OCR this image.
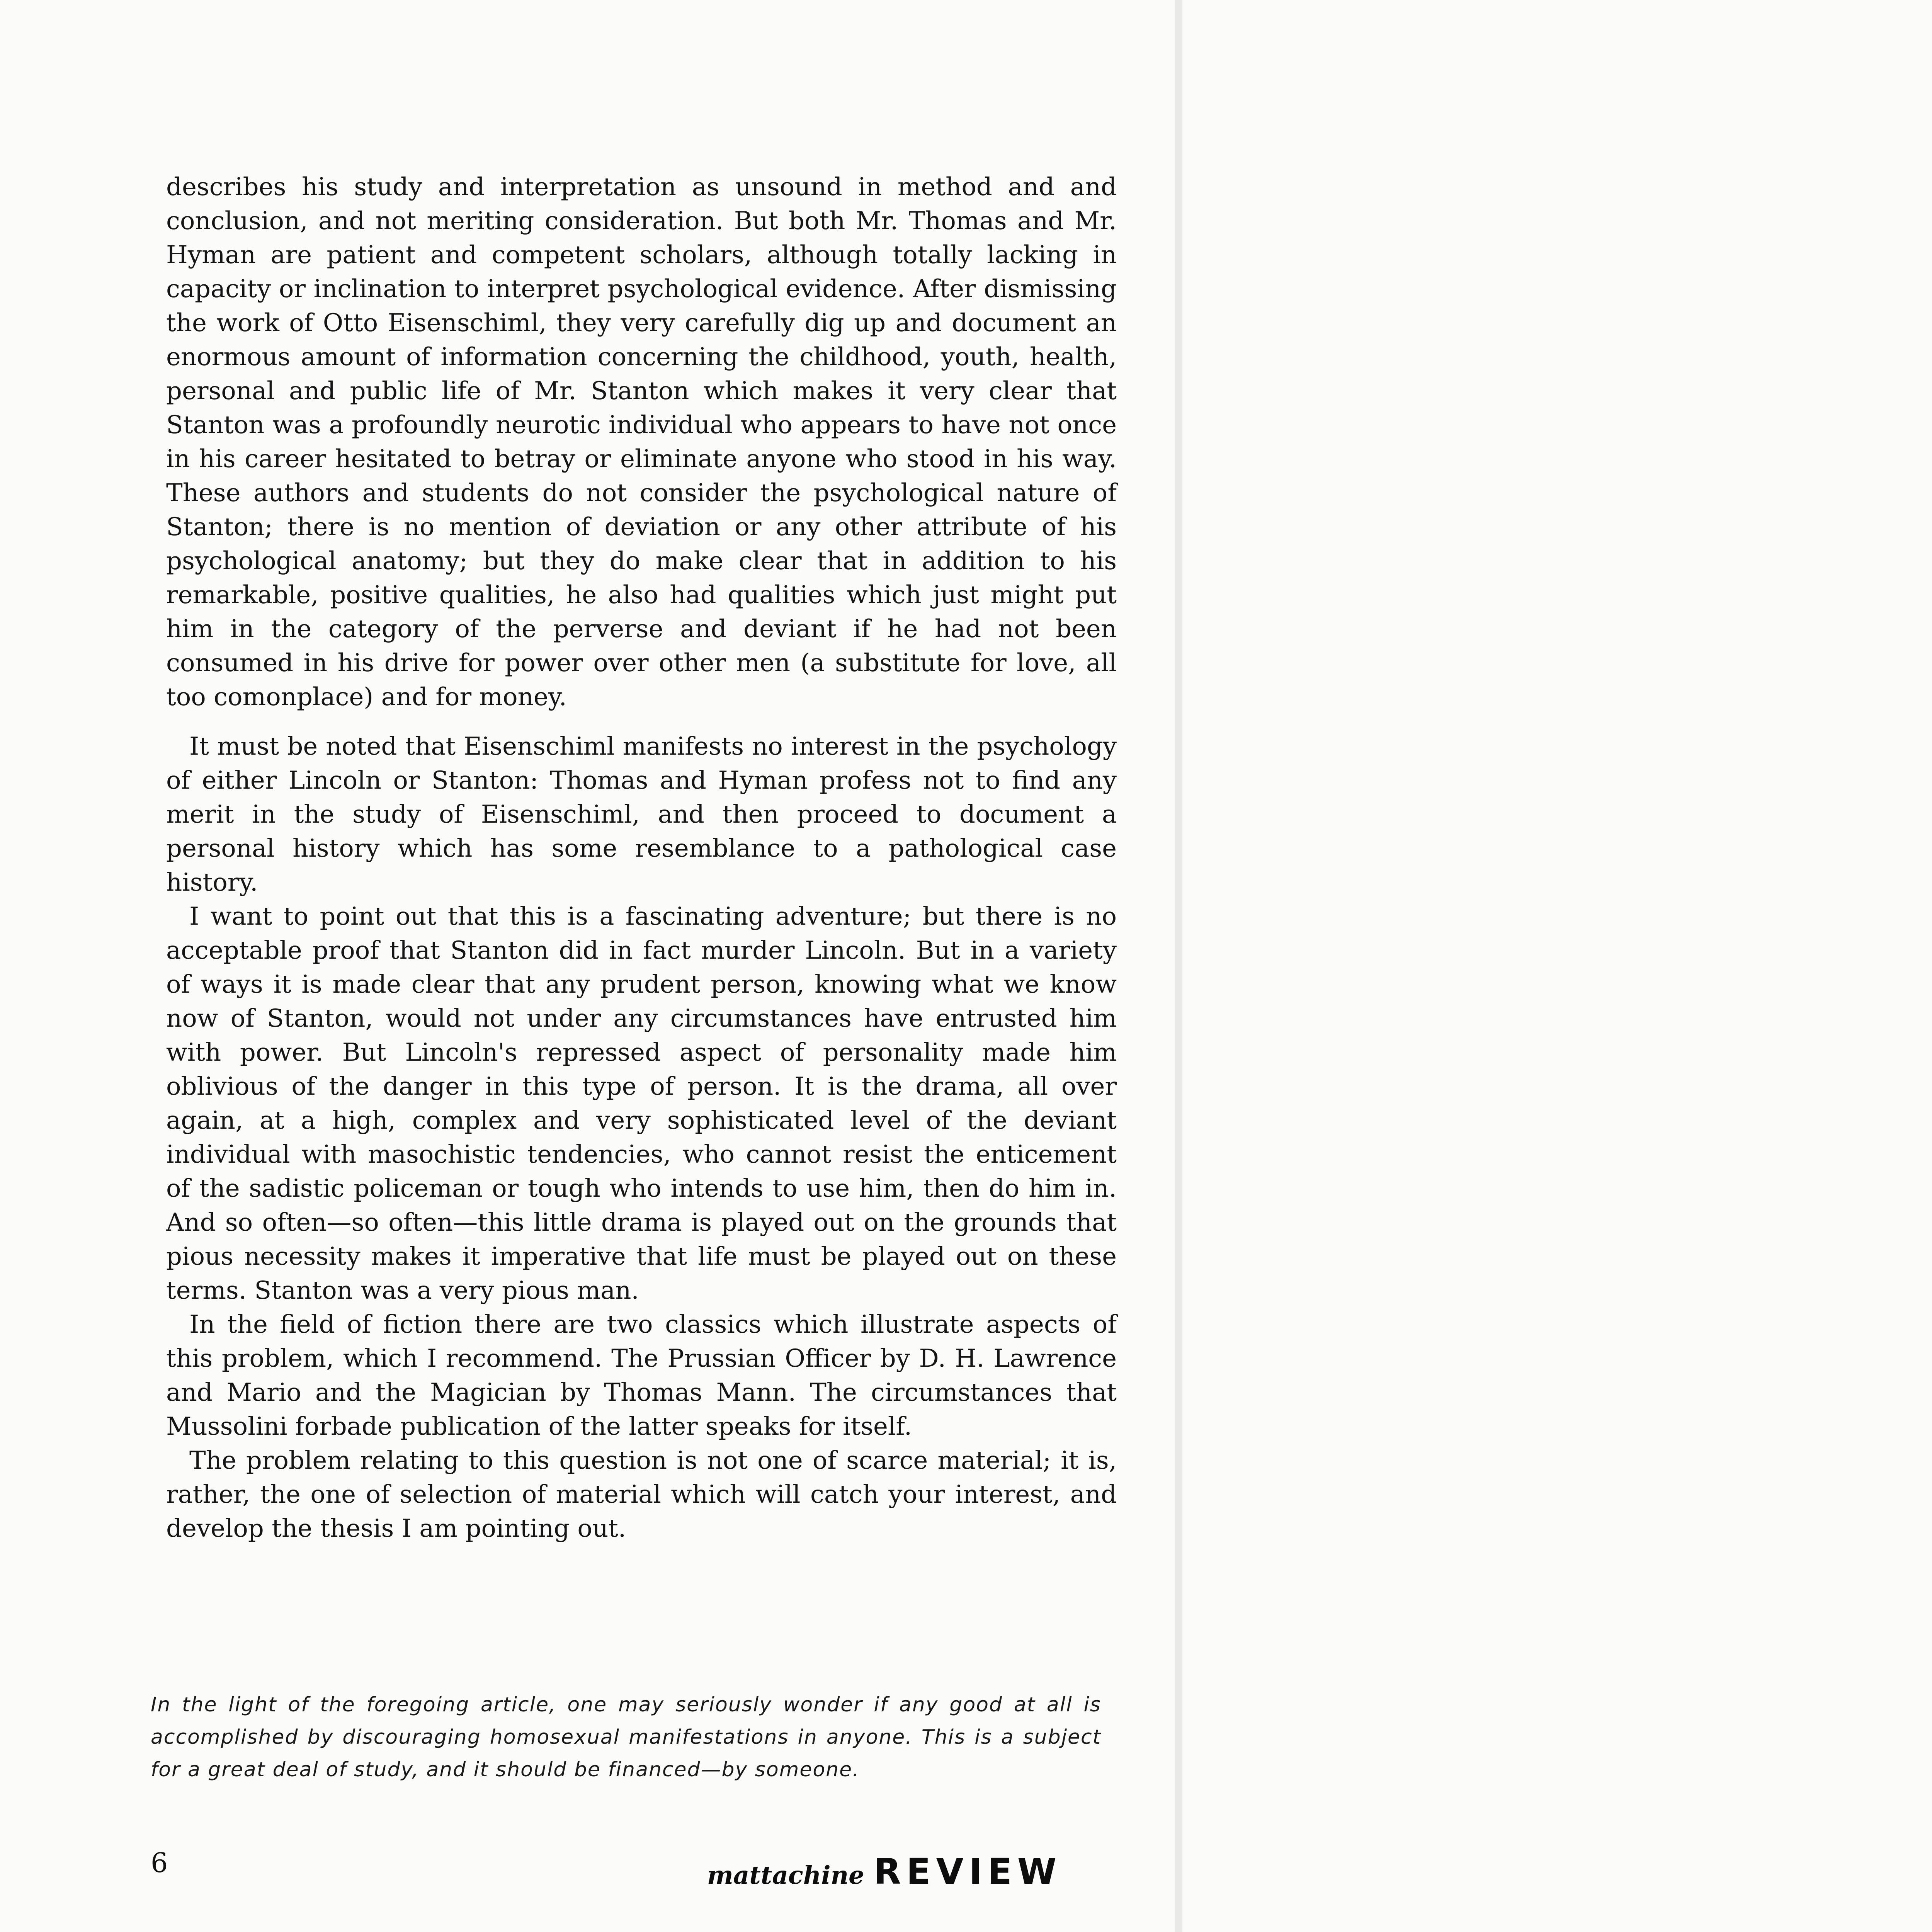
describes his study and interpretation as unsound in method and and conclusion, and not meriting consideration. But both Mr. Thomas and Mr. Hyman are patient and competent scholars, although totally lacking in capacity or inclination to interpret psychological evidence. After dismissing the work of Otto Eisenschiml, they very carefully dig up and document an enormous amount of information concerning the childhood, youth, health, personal and public life of Mr. Stanton which makes it very clear that Stanton was a profoundly neurotic individual who appears to have not once in his career hesitated to betray or eliminate anyone who stood in his way. These authors and students do not consider the psychological nature of Stanton; there is no mention of deviation or any other attribute of his psychological anatomy; but they do make clear that in addition to his remarkable, positive qualities, he also had qualities which just might put him in the category of the perverse and deviant if he had not been consumed in his drive for power over other men (a substitute for love, all too comonplace) and for money.

It must be noted that Eisenschiml manifests no interest in the psychology of either Lincoln or Stanton: Thomas and Hyman profess not to find any merit in the study of Eisenschiml, and then proceed to document a personal history which has some resemblance to a pathological case history.

I want to point out that this is a fascinating adventure; but there is no acceptable proof that Stanton did in fact murder Lincoln. But in a variety of ways it is made clear that any prudent person, knowing what we know now of Stanton, would not under any circumstances have entrusted him with power. But Lincoln's repressed aspect of personality made him oblivious of the danger in this type of person. It is the drama, all over again, at a high, complex and very sophisticated level of the deviant individual with masochistic tendencies, who cannot resist the enticement of the sadistic policeman or tough who intends to use him, then do him in. And so often—so often—this little drama is played out on the grounds that pious necessity makes it imperative that life must be played out on these terms. Stanton was a very pious man.

In the field of fiction there are two classics which illustrate aspects of this problem, which I recommend. The Prussian Officer by D. H. Lawrence and Mario and the Magician by Thomas Mann. The circumstances that Mussolini forbade publication of the latter speaks for itself.

The problem relating to this question is not one of scarce material; it is, rather, the one of selection of material which will catch your interest, and develop the thesis I am pointing out.

In the light of the foregoing article, one may seriously wonder if any good at all is accomplished by discouraging homosexual manifestations in anyone. This is a subject for a great deal of study, and it should be financed—by someone.

6	mattachine REVIEW
